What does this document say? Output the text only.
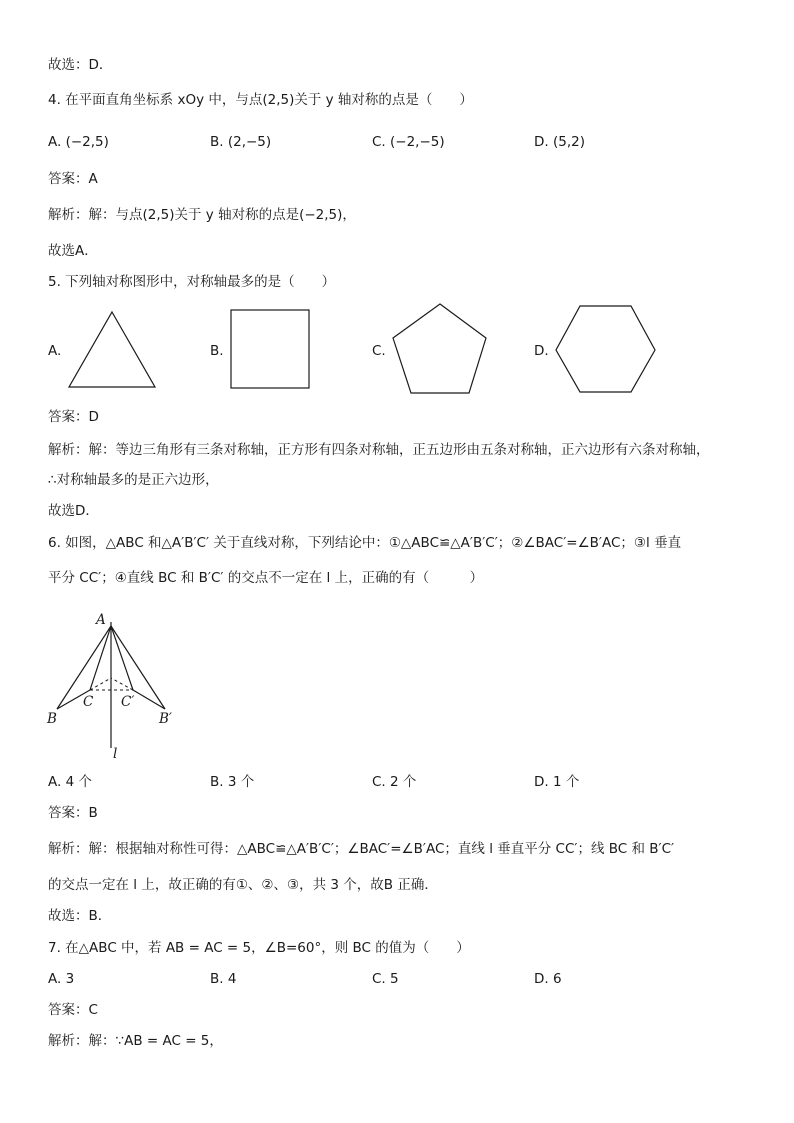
故选：D．
4. 在平面直角坐标系 xOy 中，与点(2,5)关于 y 轴对称的点是（　　）
A. (−2,5)	B. (2,−5)	C. (−2,−5)	D. (5,2)
答案：A
解析：解：与点(2,5)关于 y 轴对称的点是(−2,5)，
故选A．
5. 下列轴对称图形中，对称轴最多的是（　　）
A.	B.	C.	D.
答案：D
解析：解：等边三角形有三条对称轴，正方形有四条对称轴，正五边形由五条对称轴，正六边形有六条对称轴，
∴对称轴最多的是正六边形，
故选D．
6. 如图，△ABC 和△A′B′C′ 关于直线对称，下列结论中：①△ABC≌△A′B′C′；②∠BAC′=∠B′AC；③l 垂直
平分 CC′；④直线 BC 和 B′C′ 的交点不一定在 l 上，正确的有（　　　）
A
B
C C′
B′
l
A. 4 个	B. 3 个	C. 2 个	D. 1 个
答案：B
解析：解：根据轴对称性可得：△ABC≌△A′B′C′；∠BAC′=∠B′AC；直线 l 垂直平分 CC′；线 BC 和 B′C′
的交点一定在 l 上，故正确的有①、②、③，共 3 个，故B 正确．
故选：B．
7. 在△ABC 中，若 AB = AC = 5，∠B=60°，则 BC 的值为（　　）
A. 3	B. 4	C. 5	D. 6
答案：C
解析：解：∵AB = AC = 5，
